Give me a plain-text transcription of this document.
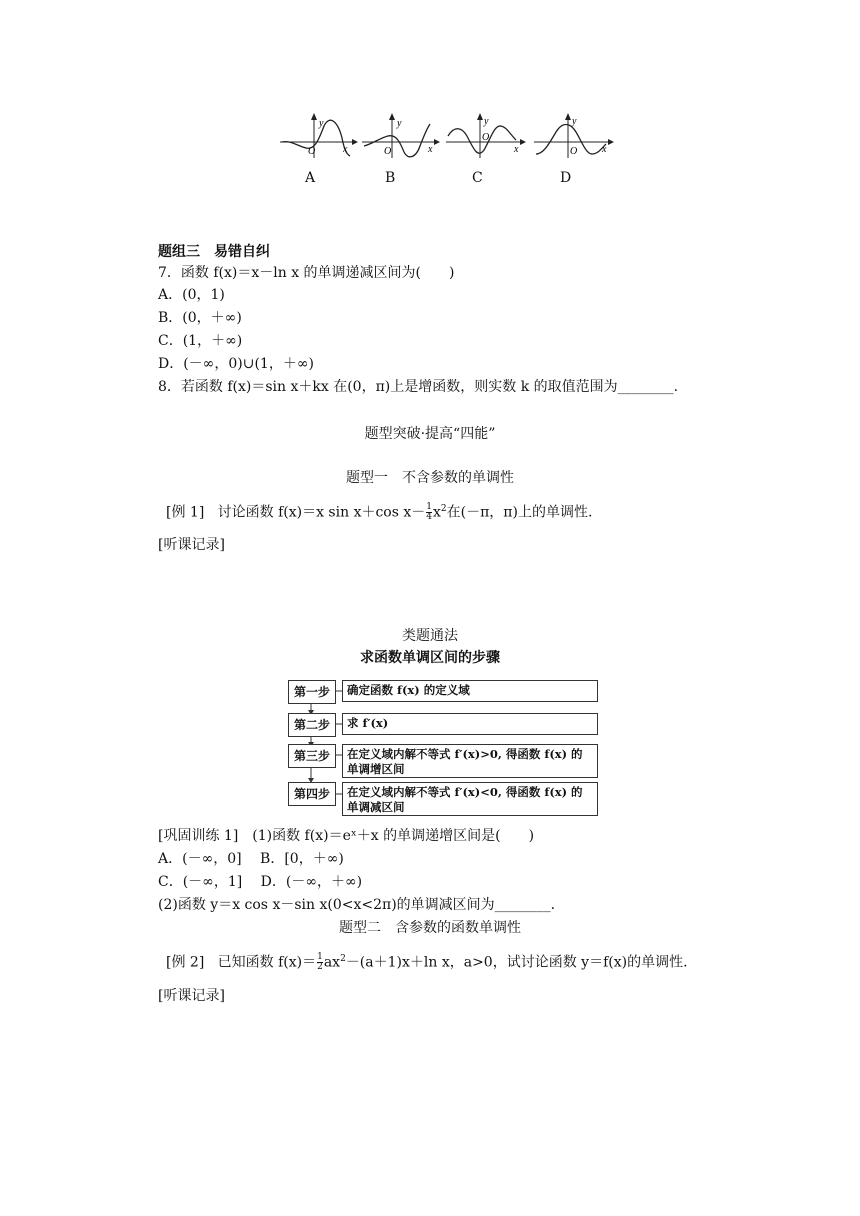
y
O	x
y
O	x
y
O
x
y
O x
A	B	C	D
题组三　易错自纠
7．函数 f(x)＝x－ln x 的单调递减区间为(　　)
A．(0，1)
B．(0，＋∞)
C．(1，＋∞)
D．(－∞，0)∪(1，＋∞)
8．若函数 f(x)＝sin x＋kx 在(0，π)上是增函数，则实数 k 的取值范围为________.
题型突破·提高“四能”
题型一　不含参数的单调性
[例 1] 讨论函数 f(x)＝x sin x＋cos $x- \frac{1}{4} x^2$在(－π，π)上的单调性.
[听课记录]
类题通法
求函数单调区间的步骤
第一步	确定函数 f(x) 的定义域
第二步	求 f′(x)
第三步	在定义域内解不等式 f′(x)>0, 得函数 f(x) 的单调增区间
第四步	在定义域内解不等式 f′(x)<0, 得函数 f(x) 的单调减区间
[巩固训练 1]　(1)函数 f(x)＝eˣ＋x 的单调递增区间是(　　)
A．(－∞，0]　 B．[0，＋∞)
C．(－∞，1]　 D．(－∞，＋∞)
(2)函数 y＝x cos x－sin x(0<x<2π)的单调减区间为________.
题型二　含参数的函数单调性
[例 2] 已知函数 $f(x)= \frac{1}{2} ax^2-(a+1)x+\ln$ x，a>0，试讨论函数 y＝f(x)的单调性.
[听课记录]
